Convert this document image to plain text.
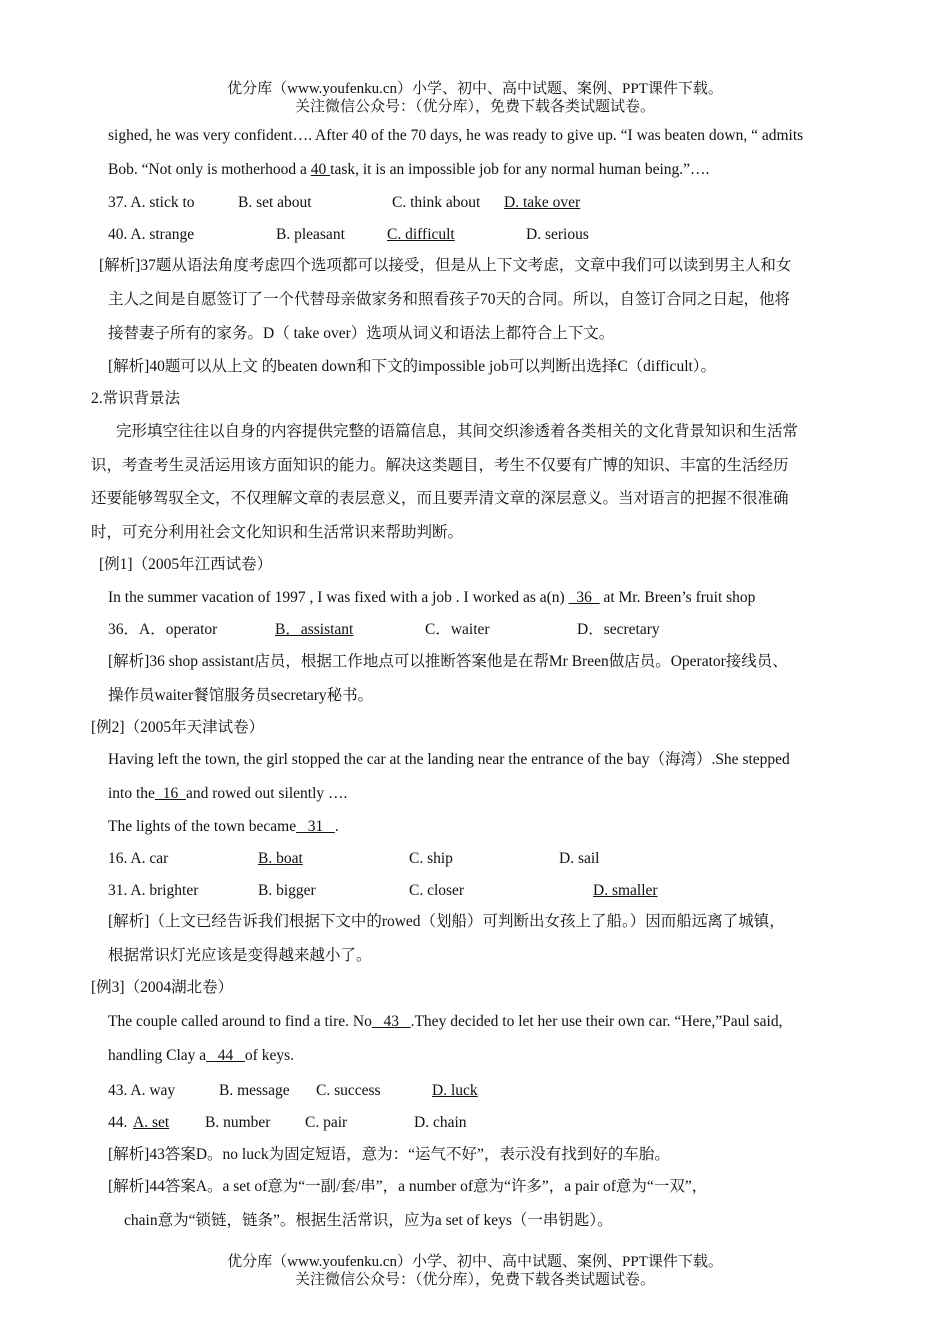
优分库（www.youfenku.cn）小学、初中、高中试题、案例、PPT课件下载。
关注微信公众号：（优分库），免费下载各类试题试卷。
sighed, he was very confident…. After 40 of the 70 days, he was ready to give up. “I was beaten down, “ admits
Bob. “Not only is motherhood a 40 task, it is an impossible job for any normal human being.”….
37. A. stick to	B. set about	C. think about D. take over
40. A. strange	B. pleasant	C. difficult	D. serious
[解析]37题从语法角度考虑四个选项都可以接受，但是从上下文考虑，文章中我们可以读到男主人和女
主人之间是自愿签订了一个代替母亲做家务和照看孩子70天的合同。所以，自签订合同之日起，他将
接替妻子所有的家务。D（ take over）选项从词义和语法上都符合上下文。
[解析]40题可以从上文 的beaten down和下文的impossible job可以判断出选择C（difficult）。
2.常识背景法
完形填空往往以自身的内容提供完整的语篇信息，其间交织渗透着各类相关的文化背景知识和生活常
识，考查考生灵活运用该方面知识的能力。解决这类题目，考生不仅要有广博的知识、丰富的生活经历
还要能够驾驭全文，不仅理解文章的表层意义，而且要弄清文章的深层意义。当对语言的把握不很准确
时，可充分利用社会文化知识和生活常识来帮助判断。
[例1]（2005年江西试卷）
In the summer vacation of 1997 , I was fixed with a job . I worked as a(n)   36   at Mr. Breen’s fruit shop
36．A．operator	B．assistant	C．waiter	D．secretary
[解析]36 shop assistant店员，根据工作地点可以推断答案他是在帮Mr Breen做店员。Operator接线员、
操作员waiter餐馆服务员secretary秘书。
[例2]（2005年天津试卷）
Having left the town, the girl stopped the car at the landing near the entrance of the bay（海湾）.She stepped
into the  16  and rowed out silently ….
The lights of the town became   31   .
16. A. car	B. boat	C. ship	D. sail
31. A. brighter	B. bigger	C. closer	D. smaller
[解析]（上文已经告诉我们根据下文中的rowed（划船）可判断出女孩上了船。）因而船远离了城镇，
根据常识灯光应该是变得越来越小了。
[例3]（2004湖北卷）
The couple called around to find a tire. No   43   .They decided to let her use their own car. “Here,”Paul said,
handling Clay a   44   of keys.
43. A. way	B. message C. success	D. luck
44. A. set B. number C. pair	D. chain
[解析]43答案D。no luck为固定短语，意为：“运气不好”，表示没有找到好的车胎。
[解析]44答案A。a set of意为“一副/套/串”，a number of意为“许多”，a pair of意为“一双”，
chain意为“锁链，链条”。根据生活常识，应为a set of keys（一串钥匙）。
优分库（www.youfenku.cn）小学、初中、高中试题、案例、PPT课件下载。
关注微信公众号：（优分库），免费下载各类试题试卷。
